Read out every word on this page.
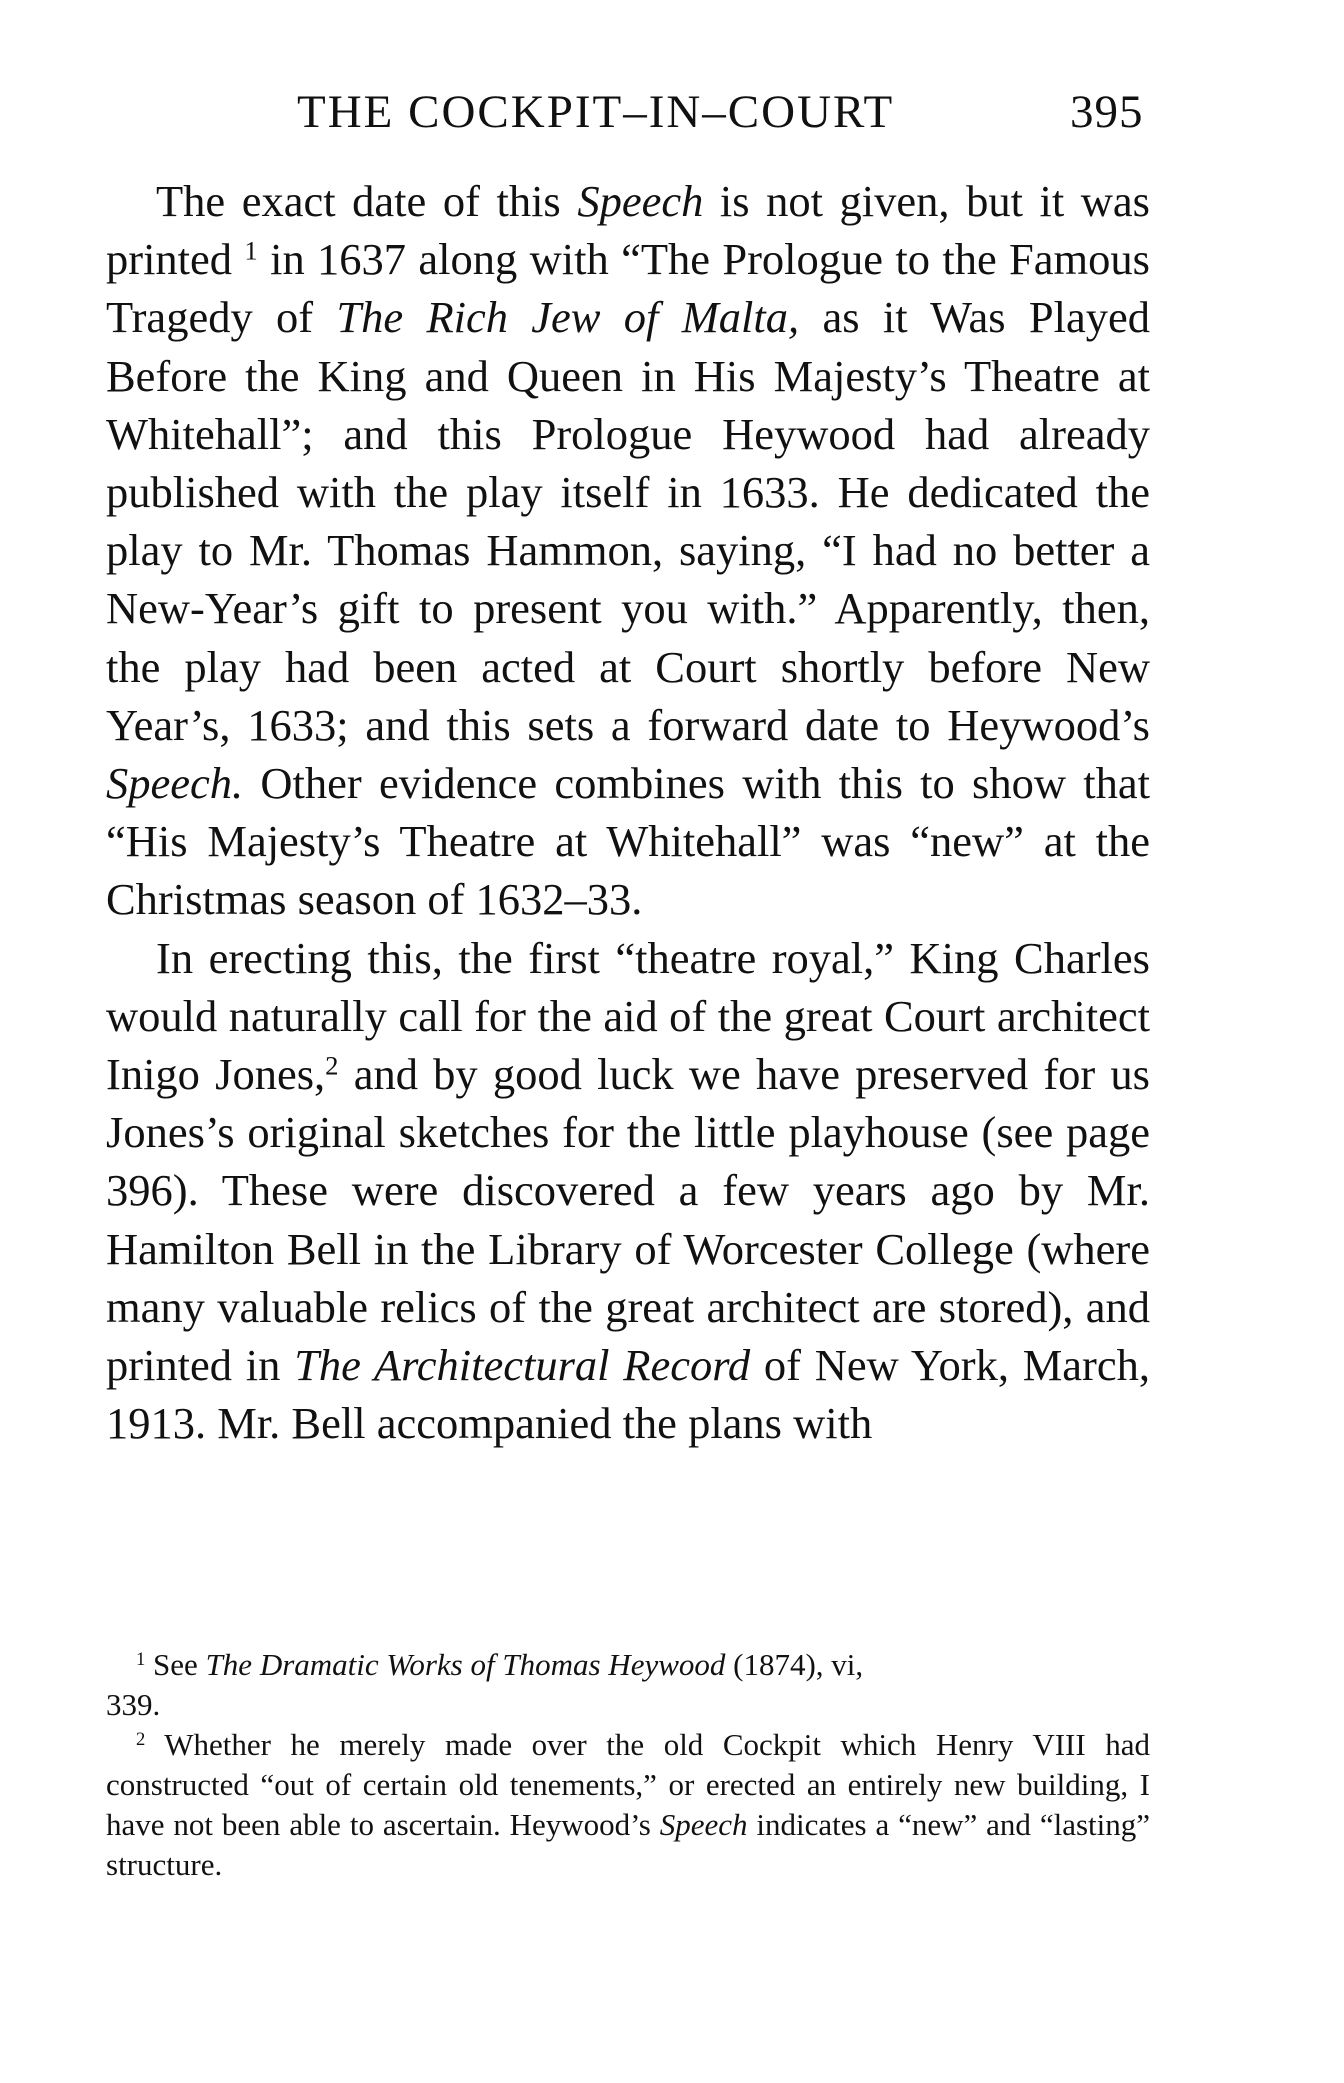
THE COCKPIT–IN–COURT	395

The exact date of this Speech is not given, but it was printed $^1$ in 1637 along with “The Prologue to the Famous Tragedy of The Rich Jew of Malta, as it Was Played Before the King and Queen in His Majesty’s Theatre at Whitehall”; and this Prologue Heywood had already published with the play itself in 1633. He dedicated the play to Mr. Thomas Hammon, saying, “I had no better a New-Year’s gift to present you with.” Apparently, then, the play had been acted at Court shortly before New Year’s, 1633; and this sets a forward date to Heywood’s Speech. Other evidence combines with this to show that “His Majesty’s Theatre at Whitehall” was “new” at the Christmas season of 1632–33.

In erecting this, the first “theatre royal,” King Charles would naturally call for the aid of the great Court architect Inigo Jones,$^2$ and by good luck we have preserved for us Jones’s original sketches for the little playhouse (see page 396). These were discovered a few years ago by Mr. Hamilton Bell in the Library of Worcester College (where many valuable relics of the great architect are stored), and printed in The Architectural Record of New York, March, 1913. Mr. Bell accompanied the plans with

$^1$ See The Dramatic Works of Thomas Heywood (1874), vi,

339.

$^2$ Whether he merely made over the old Cockpit which Henry VIII had constructed “out of certain old tenements,” or erected an entirely new building, I have not been able to ascertain. Heywood’s Speech indicates a “new” and “lasting” structure.
